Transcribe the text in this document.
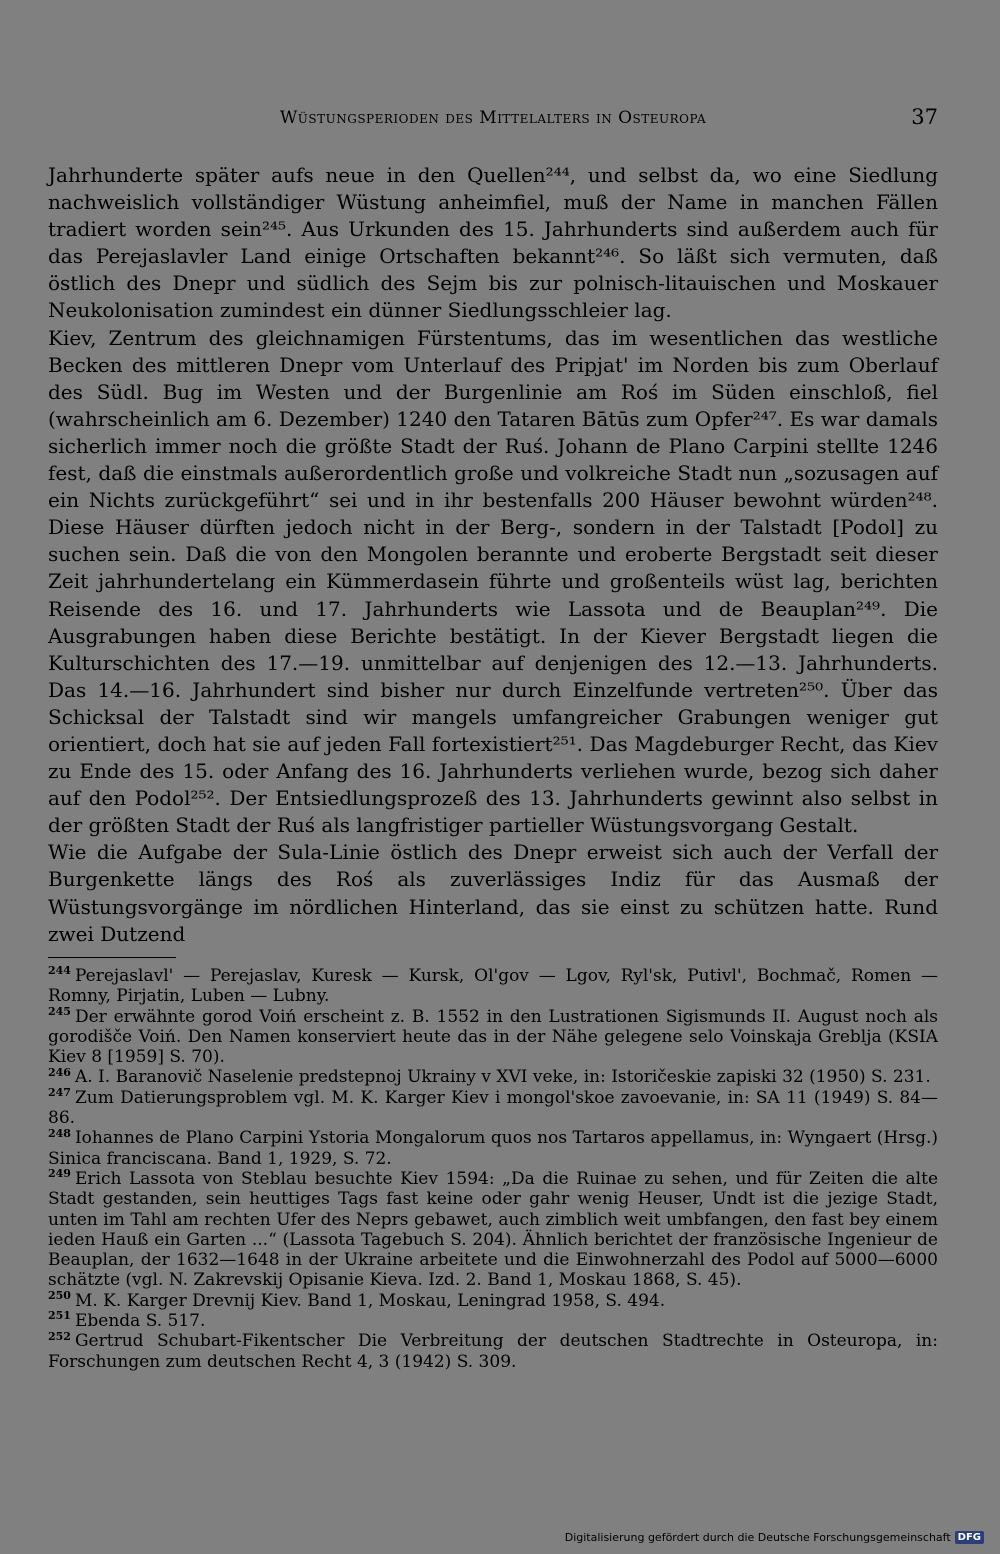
Wüstungsperioden des Mittelalters in Osteuropa	37

Jahrhunderte später aufs neue in den Quellen²⁴⁴, und selbst da, wo eine Siedlung nachweislich vollständiger Wüstung anheimfiel, muß der Name in manchen Fällen tradiert worden sein²⁴⁵. Aus Urkunden des 15. Jahrhunderts sind außerdem auch für das Perejaslavler Land einige Ortschaften bekannt²⁴⁶. So läßt sich vermuten, daß östlich des Dnepr und südlich des Sejm bis zur polnisch-litauischen und Moskauer Neukolonisation zumindest ein dünner Siedlungsschleier lag.

Kiev, Zentrum des gleichnamigen Fürstentums, das im wesentlichen das westliche Becken des mittleren Dnepr vom Unterlauf des Pripjat' im Norden bis zum Oberlauf des Südl. Bug im Westen und der Burgenlinie am Roś im Süden einschloß, fiel (wahrscheinlich am 6. Dezember) 1240 den Tataren Bātūs zum Opfer²⁴⁷. Es war damals sicherlich immer noch die größte Stadt der Ruś. Johann de Plano Carpini stellte 1246 fest, daß die einstmals außerordentlich große und volkreiche Stadt nun „sozusagen auf ein Nichts zurückgeführt“ sei und in ihr bestenfalls 200 Häuser bewohnt würden²⁴⁸. Diese Häuser dürften jedoch nicht in der Berg-, sondern in der Talstadt [Podol] zu suchen sein. Daß die von den Mongolen berannte und eroberte Bergstadt seit dieser Zeit jahrhundertelang ein Kümmerdasein führte und großenteils wüst lag, berichten Reisende des 16. und 17. Jahrhunderts wie Lassota und de Beauplan²⁴⁹. Die Ausgrabungen haben diese Berichte bestätigt. In der Kiever Bergstadt liegen die Kulturschichten des 17.—19. unmittelbar auf denjenigen des 12.—13. Jahrhunderts. Das 14.—16. Jahrhundert sind bisher nur durch Einzelfunde vertreten²⁵⁰. Über das Schicksal der Talstadt sind wir mangels umfangreicher Grabungen weniger gut orientiert, doch hat sie auf jeden Fall fortexistiert²⁵¹. Das Magdeburger Recht, das Kiev zu Ende des 15. oder Anfang des 16. Jahrhunderts verliehen wurde, bezog sich daher auf den Podol²⁵². Der Entsiedlungsprozeß des 13. Jahrhunderts gewinnt also selbst in der größten Stadt der Ruś als langfristiger partieller Wüstungsvorgang Gestalt.

Wie die Aufgabe der Sula-Linie östlich des Dnepr erweist sich auch der Verfall der Burgenkette längs des Roś als zuverlässiges Indiz für das Ausmaß der Wüstungsvorgänge im nördlichen Hinterland, das sie einst zu schützen hatte. Rund zwei Dutzend

$^{244}$ Perejaslavl' — Perejaslav, Kuresk — Kursk, Ol'gov — Lgov, Ryl'sk, Putivl', Bochmač, Romen — Romny, Pirjatin, Luben — Lubny.

$^{245}$ Der erwähnte gorod Voiń erscheint z. B. 1552 in den Lustrationen Sigismunds II. August noch als gorodišče Voiń. Den Namen konserviert heute das in der Nähe gelegene selo Voinskaja Greblja (KSIA Kiev 8 [1959] S. 70).

$^{246}$ A. I. Baranovič Naselenie predstepnoj Ukrainy v XVI veke, in: Istoričeskie zapiski 32 (1950) S. 231.

$^{247}$ Zum Datierungsproblem vgl. M. K. Karger Kiev i mongol'skoe zavoevanie, in: SA 11 (1949) S. 84—86.

$^{248}$ Iohannes de Plano Carpini Ystoria Mongalorum quos nos Tartaros appellamus, in: Wyngaert (Hrsg.) Sinica franciscana. Band 1, 1929, S. 72.

$^{249}$ Erich Lassota von Steblau besuchte Kiev 1594: „Da die Ruinae zu sehen, und für Zeiten die alte Stadt gestanden, sein heuttiges Tags fast keine oder gahr wenig Heuser, Undt ist die jezige Stadt, unten im Tahl am rechten Ufer des Neprs gebawet, auch zimblich weit umbfangen, den fast bey einem ieden Hauß ein Garten ...“ (Lassota Tagebuch S. 204). Ähnlich berichtet der französische Ingenieur de Beauplan, der 1632—1648 in der Ukraine arbeitete und die Einwohnerzahl des Podol auf 5000—6000 schätzte (vgl. N. Zakrevskij Opisanie Kieva. Izd. 2. Band 1, Moskau 1868, S. 45).

$^{250}$ M. K. Karger Drevnij Kiev. Band 1, Moskau, Leningrad 1958, S. 494.

$^{251}$ Ebenda S. 517.

$^{252}$ Gertrud Schubart-Fikentscher Die Verbreitung der deutschen Stadtrechte in Osteuropa, in: Forschungen zum deutschen Recht 4, 3 (1942) S. 309.

Digitalisierung gefördert durch die Deutsche Forschungsgemeinschaft DFG
